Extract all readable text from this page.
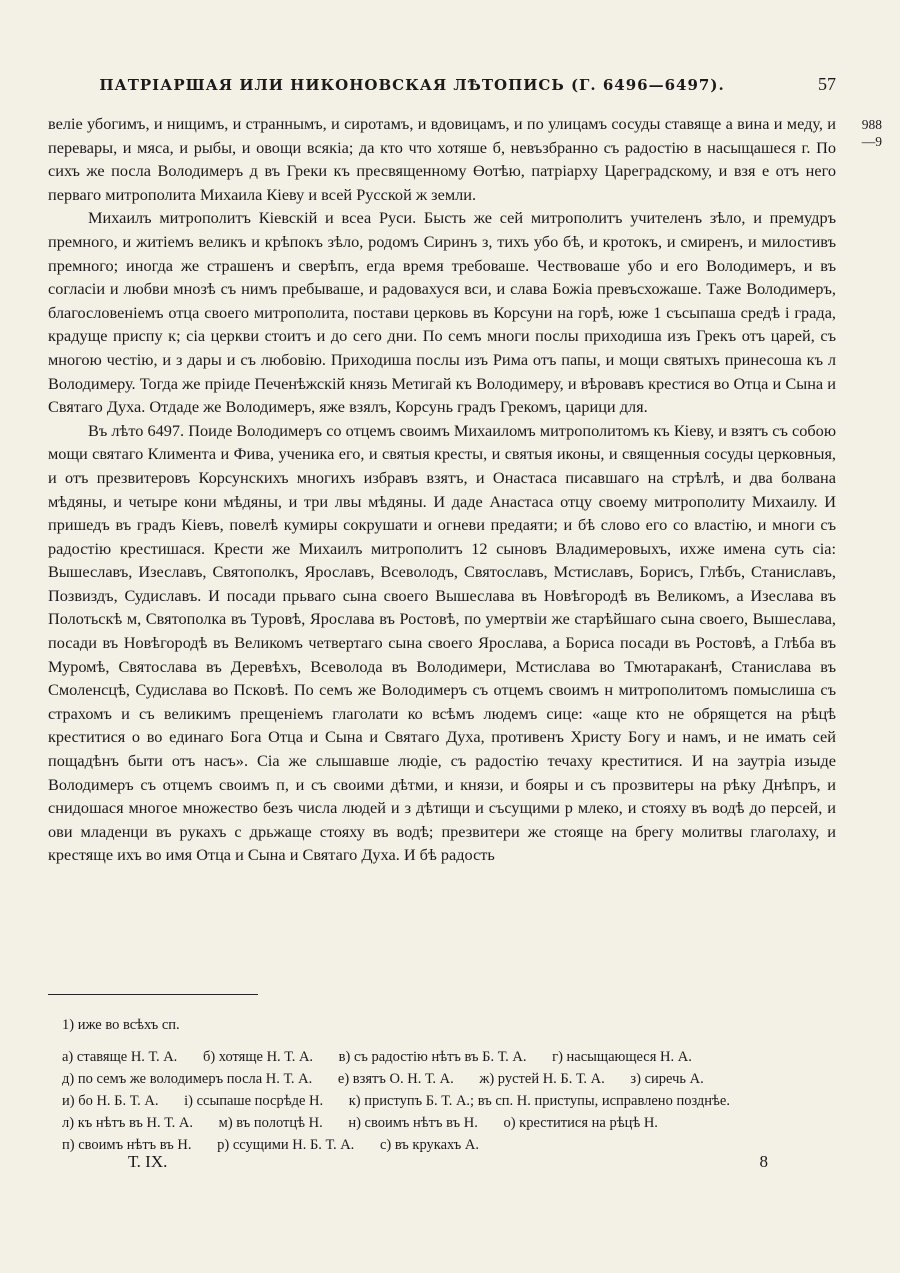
ПАТРІАРШАЯ ИЛИ НИКОНОВСКАЯ ЛѢТОПИСЬ (Г. 6496—6497).	57
988
—9

веліе убогимъ, и нищимъ, и страннымъ, и сиротамъ, и вдовицамъ, и по улицамъ сосуды ставяще а вина и меду, и перевары, и мяса, и рыбы, и овощи всякіа; да кто что хотяше б, невъзбранно съ радостію в насыщашеся г. По сихъ же посла Володимеръ д въ Греки къ пресвященному Өотѣю, патріарху Цареградскому, и взя е отъ него перваго митрополита Михаила Кіеву и всей Русской ж земли.

Михаилъ митрополитъ Кіевскій и всеа Руси. Бысть же сей митрополитъ учителенъ зѣло, и премудръ премного, и житіемъ великъ и крѣпокъ зѣло, родомъ Сиринъ з, тихъ убо бѣ, и кротокъ, и смиренъ, и милостивъ премного; иногда же страшенъ и сверѣпъ, егда время требоваше. Чествоваше убо и его Володимеръ, и въ согласіи и любви мнозѣ съ нимъ пребываше, и радовахуся вси, и слава Божіа превъсхожаше. Таже Володимеръ, благословеніемъ отца своего митрополита, постави церковь въ Корсуни на горѣ, юже 1 съсыпаша средѣ і града, крадуще приспу к; сіа церкви стоитъ и до сего дни. По семъ многи послы приходиша изъ Грекъ отъ царей, съ многою честію, и з дары и съ любовію. Приходиша послы изъ Рима отъ папы, и мощи святыхъ принесоша къ л Володимеру. Тогда же пріиде Печенѣжскій князь Метигай къ Володимеру, и вѣровавъ крестися во Отца и Сына и Святаго Духа. Отдаде же Володимеръ, яже взялъ, Корсунь градъ Грекомъ, царици для.

Въ лѣто 6497. Поиде Володимеръ со отцемъ своимъ Михаиломъ митрополитомъ къ Кіеву, и взятъ съ собою мощи святаго Климента и Фива, ученика его, и святыя кресты, и святыя иконы, и священныя сосуды церковныя, и отъ презвитеровъ Корсунскихъ многихъ избравъ взятъ, и Онастаса писавшаго на стрѣлѣ, и два болвана мѣдяны, и четыре кони мѣдяны, и три лвы мѣдяны. И даде Анастаса отцу своему митрополиту Михаилу. И пришедъ въ градъ Кіевъ, повелѣ кумиры сокрушати и огневи предаяти; и бѣ слово его со властію, и многи съ радостію крестишася. Крести же Михаилъ митрополитъ 12 сыновъ Владимеровыхъ, ихже имена суть сіа: Вышеславъ, Изеславъ, Святополкъ, Ярославъ, Всеволодъ, Святославъ, Мстиславъ, Борисъ, Глѣбъ, Станиславъ, Позвиздъ, Судиславъ. И посади прьваго сына своего Вышеслава въ Новѣгородѣ въ Великомъ, а Изеслава въ Полотьскѣ м, Святополка въ Туровѣ, Ярослава въ Ростовѣ, по умертвіи же старѣйшаго сына своего, Вышеслава, посади въ Новѣгородѣ въ Великомъ четвертаго сына своего Ярослава, а Бориса посади въ Ростовѣ, а Глѣба въ Муромѣ, Святослава въ Деревѣхъ, Всеволода въ Володимери, Мстислава во Тмютараканѣ, Станислава въ Смоленсцѣ, Судислава во Псковѣ. По семъ же Володимеръ съ отцемъ своимъ н митрополитомъ помыслиша съ страхомъ и съ великимъ прещеніемъ глаголати ко всѣмъ людемъ сице: «аще кто не обрящется на рѣцѣ креститися о во единаго Бога Отца и Сына и Святаго Духа, противенъ Христу Богу и намъ, и не имать сей пощадѣнъ быти отъ насъ». Сіа же слышавше людіе, съ радостію течаху креститися. И на заутріа изыде Володимеръ съ отцемъ своимъ п, и съ своими дѣтми, и князи, и бояры и съ прозвитеры на рѣку Днѣпръ, и снидошася многое множество безъ числа людей и з дѣтищи и съсущими р млеко, и стояху въ водѣ до персей, и ови младенци въ рукахъ с дрьжаще стояху въ водѣ; презвитери же стояще на брегу молитвы глаголаху, и крестяще ихъ во имя Отца и Сына и Святаго Духа. И бѣ радость

1) иже во всѣхъ сп.

а) ставяще Н. Т. А. б) хотяще Н. Т. А. в) съ радостію нѣтъ въ Б. Т. А. г) насыщающеся Н. А.

д) по семъ же володимеръ посла Н. Т. А. е) взятъ О. Н. Т. А. ж) рустей Н. Б. Т. А. з) сиречь А.

и) бо Н. Б. Т. А. і) ссыпаше посрѣде Н. к) приступъ Б. Т. А.; въ сп. Н. приступы, исправлено позднѣе.

л) къ нѣтъ въ Н. Т. А. м) въ полотцѣ Н. н) своимъ нѣтъ въ Н. о) креститися на рѣцѣ Н.

п) своимъ нѣтъ въ Н. р) ссущими Н. Б. Т. А. с) въ крукахъ А.

Т. IX.	8
